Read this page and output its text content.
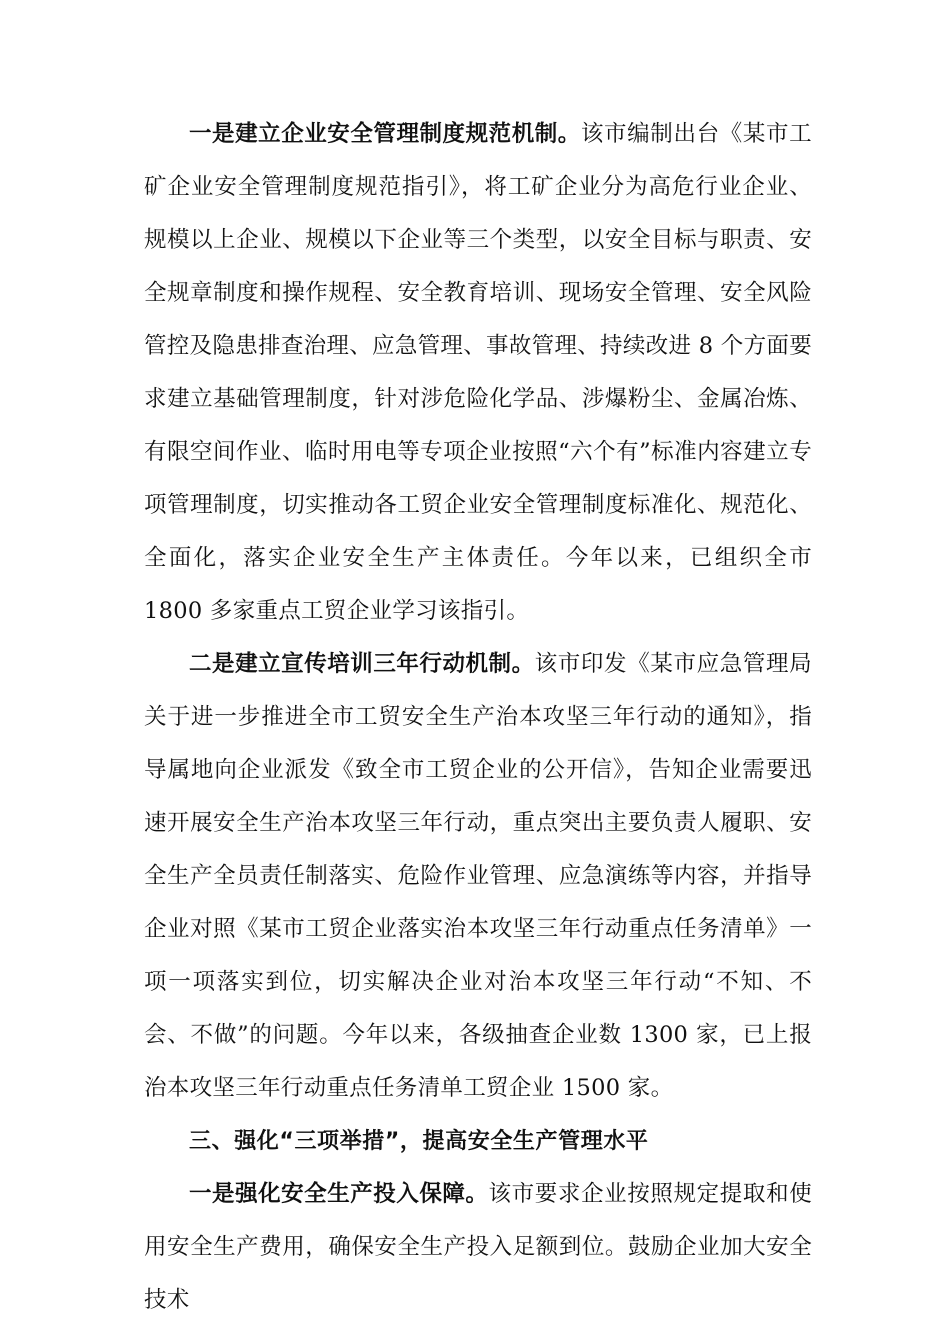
一是建立企业安全管理制度规范机制。该市编制出台《某市工矿企业安全管理制度规范指引》，将工矿企业分为高危行业企业、规模以上企业、规模以下企业等三个类型，以安全目标与职责、安全规章制度和操作规程、安全教育培训、现场安全管理、安全风险管控及隐患排查治理、应急管理、事故管理、持续改进 8 个方面要求建立基础管理制度，针对涉危险化学品、涉爆粉尘、金属冶炼、有限空间作业、临时用电等专项企业按照“六个有”标准内容建立专项管理制度，切实推动各工贸企业安全管理制度标准化、规范化、全面化，落实企业安全生产主体责任。今年以来，已组织全市 1800 多家重点工贸企业学习该指引。

二是建立宣传培训三年行动机制。该市印发《某市应急管理局关于进一步推进全市工贸安全生产治本攻坚三年行动的通知》，指导属地向企业派发《致全市工贸企业的公开信》，告知企业需要迅速开展安全生产治本攻坚三年行动，重点突出主要负责人履职、安全生产全员责任制落实、危险作业管理、应急演练等内容，并指导企业对照《某市工贸企业落实治本攻坚三年行动重点任务清单》一项一项落实到位，切实解决企业对治本攻坚三年行动“不知、不会、不做”的问题。今年以来，各级抽查企业数 1300 家，已上报治本攻坚三年行动重点任务清单工贸企业 1500 家。

三、强化“三项举措”，提高安全生产管理水平

一是强化安全生产投入保障。该市要求企业按照规定提取和使用安全生产费用，确保安全生产投入足额到位。鼓励企业加大安全技术
